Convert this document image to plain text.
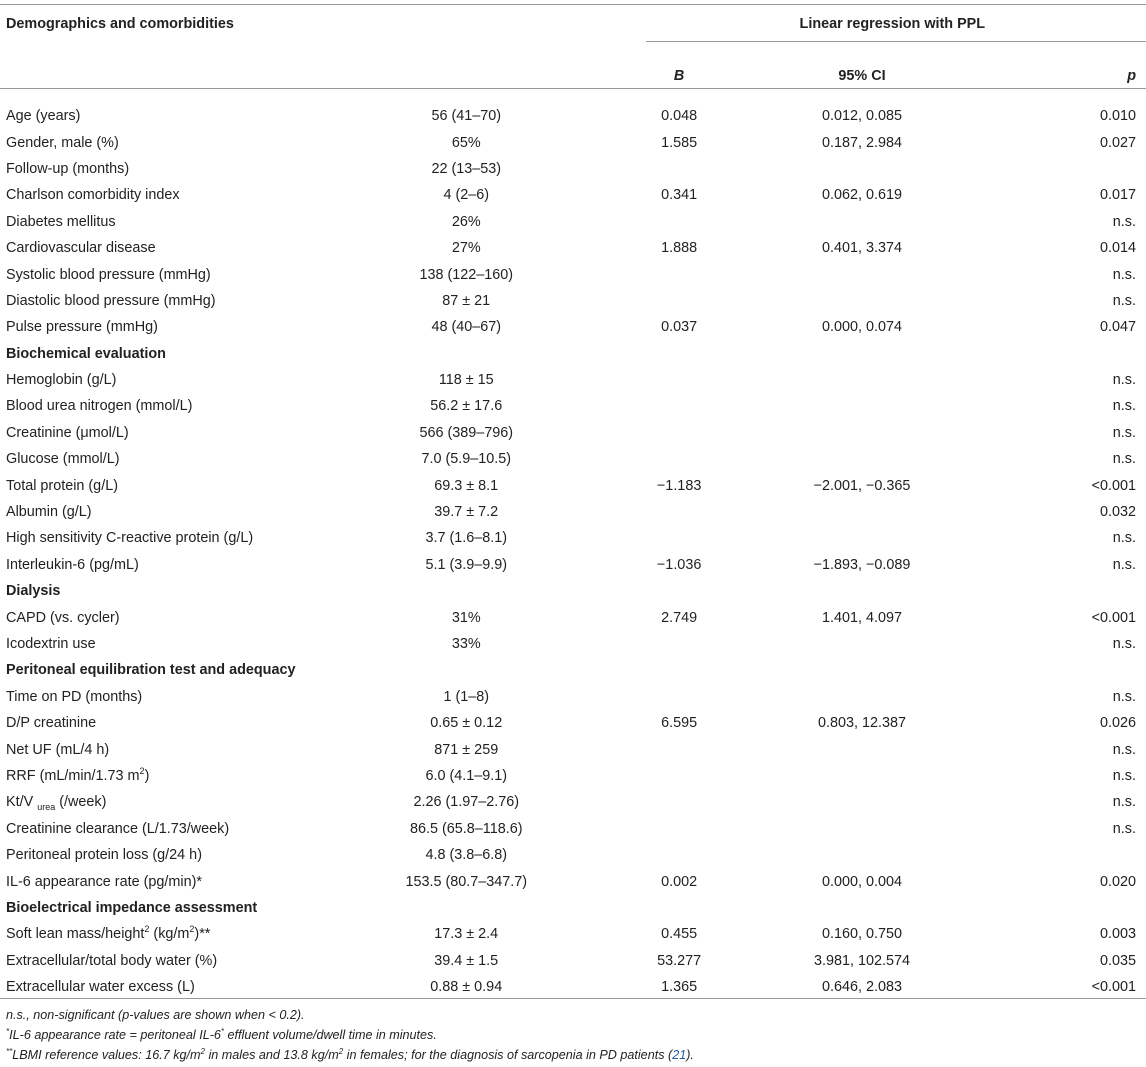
Demographics and comorbidities		Linear regression with PPL		
		B	95% CI	p

Age (years)	56 (41–70)	0.048	0.012, 0.085	0.010
Gender, male (%)	65%	1.585	0.187, 2.984	0.027
Follow-up (months)	22 (13–53)			
Charlson comorbidity index	4 (2–6)	0.341	0.062, 0.619	0.017
Diabetes mellitus	26%			n.s.
Cardiovascular disease	27%	1.888	0.401, 3.374	0.014
Systolic blood pressure (mmHg)	138 (122–160)			n.s.
Diastolic blood pressure (mmHg)	87 ± 21			n.s.
Pulse pressure (mmHg)	48 (40–67)	0.037	0.000, 0.074	0.047
Biochemical evaluation				
Hemoglobin (g/L)	118 ± 15			n.s.
Blood urea nitrogen (mmol/L)	56.2 ± 17.6			n.s.
Creatinine (μmol/L)	566 (389–796)			n.s.
Glucose (mmol/L)	7.0 (5.9–10.5)			n.s.
Total protein (g/L)	69.3 ± 8.1	−1.183	−2.001, −0.365	<0.001
Albumin (g/L)	39.7 ± 7.2			0.032
High sensitivity C-reactive protein (g/L)	3.7 (1.6–8.1)			n.s.
Interleukin-6 (pg/mL)	5.1 (3.9–9.9)	−1.036	−1.893, −0.089	n.s.
Dialysis				
CAPD (vs. cycler)	31%	2.749	1.401, 4.097	<0.001
Icodextrin use	33%			n.s.
Peritoneal equilibration test and adequacy				
Time on PD (months)	1 (1–8)			n.s.
D/P creatinine	0.65 ± 0.12	6.595	0.803, 12.387	0.026
Net UF (mL/4 h)	871 ± 259			n.s.
RRF (mL/min/1.73 $m^2$)	6.0 (4.1–9.1)			n.s.
Kt/V $_{urea}$ (/week)	2.26 (1.97–2.76)			n.s.
Creatinine clearance (L/1.73/week)	86.5 (65.8–118.6)			n.s.
Peritoneal protein loss (g/24 h)	4.8 (3.8–6.8)			
IL-6 appearance rate (pg/min)*	153.5 (80.7–347.7)	0.002	0.000, 0.004	0.020
Bioelectrical impedance assessment				
Soft lean mass/height$^2$ $(kg/m^2)**$	17.3 ± 2.4	0.455	0.160, 0.750	0.003
Extracellular/total body water (%)	39.4 ± 1.5	53.277	3.981, 102.574	0.035
Extracellular water excess (L)	0.88 ± 0.94	1.365	0.646, 2.083	<0.001
n.s., non-significant (p-values are shown when < 0.2).
*IL-6 appearance rate = peritoneal IL-6* effluent volume/dwell time in minutes.
**LBMI reference values: 16.7 $kg/m^2$ in males and 13.8 $kg/m^2$ in females; for the diagnosis of sarcopenia in PD patients (21).
